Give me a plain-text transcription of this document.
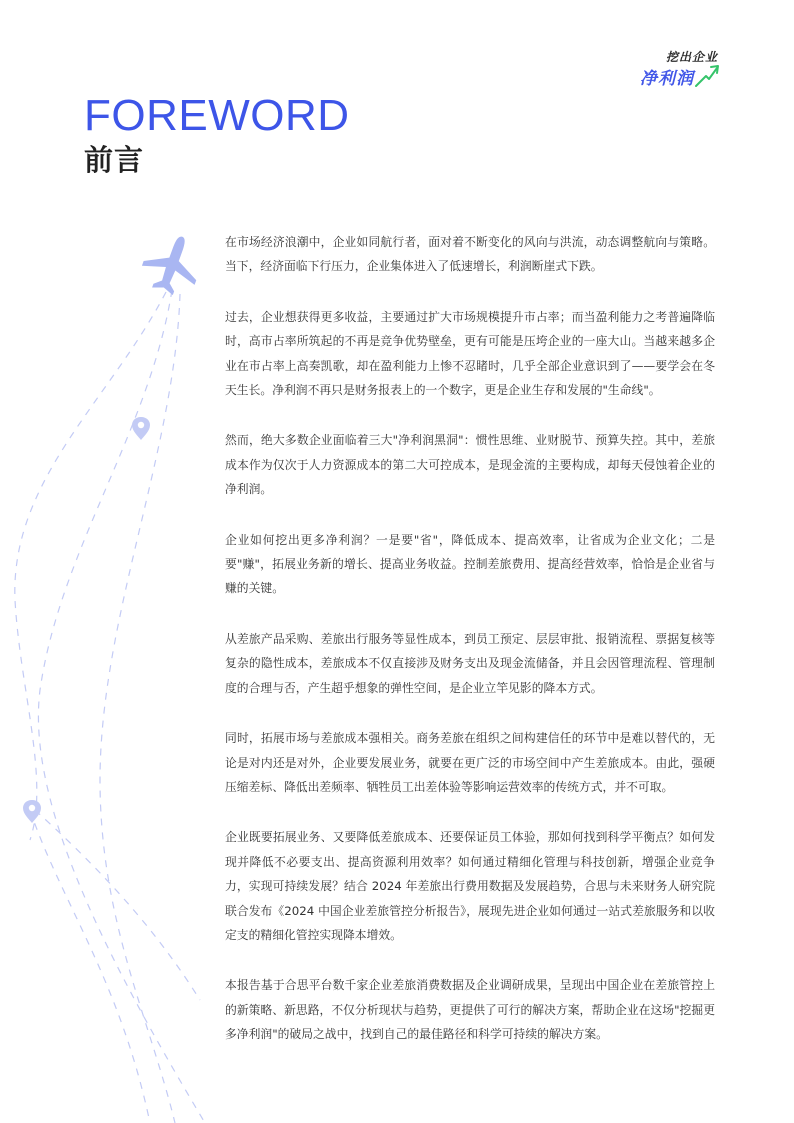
挖出企业
净利润
FOREWORD
前言

在市场经济浪潮中，企业如同航行者，面对着不断变化的风向与洪流，动态调整航向与策略。当下，经济面临下行压力，企业集体进入了低速增长，利润断崖式下跌。

过去，企业想获得更多收益，主要通过扩大市场规模提升市占率；而当盈利能力之考普遍降临时，高市占率所筑起的不再是竞争优势壁垒，更有可能是压垮企业的一座大山。当越来越多企业在市占率上高奏凯歌，却在盈利能力上惨不忍睹时，几乎全部企业意识到了——要学会在冬天生长。净利润不再只是财务报表上的一个数字，更是企业生存和发展的"生命线"。

然而，绝大多数企业面临着三大"净利润黑洞"：惯性思维、业财脱节、预算失控。其中，差旅成本作为仅次于人力资源成本的第二大可控成本，是现金流的主要构成，却每天侵蚀着企业的净利润。

企业如何挖出更多净利润？一是要"省"，降低成本、提高效率，让省成为企业文化；二是要"赚"，拓展业务新的增长、提高业务收益。控制差旅费用、提高经营效率，恰恰是企业省与赚的关键。

从差旅产品采购、差旅出行服务等显性成本，到员工预定、层层审批、报销流程、票据复核等复杂的隐性成本，差旅成本不仅直接涉及财务支出及现金流储备，并且会因管理流程、管理制度的合理与否，产生超乎想象的弹性空间，是企业立竿见影的降本方式。

同时，拓展市场与差旅成本强相关。商务差旅在组织之间构建信任的环节中是难以替代的，无论是对内还是对外，企业要发展业务，就要在更广泛的市场空间中产生差旅成本。由此，强硬压缩差标、降低出差频率、牺牲员工出差体验等影响运营效率的传统方式，并不可取。

企业既要拓展业务、又要降低差旅成本、还要保证员工体验，那如何找到科学平衡点？如何发现并降低不必要支出、提高资源利用效率？如何通过精细化管理与科技创新，增强企业竞争力，实现可持续发展？结合 2024 年差旅出行费用数据及发展趋势，合思与未来财务人研究院联合发布《2024 中国企业差旅管控分析报告》，展现先进企业如何通过一站式差旅服务和以收定支的精细化管控实现降本增效。

本报告基于合思平台数千家企业差旅消费数据及企业调研成果，呈现出中国企业在差旅管控上的新策略、新思路，不仅分析现状与趋势，更提供了可行的解决方案，帮助企业在这场"挖掘更多净利润"的破局之战中，找到自己的最佳路径和科学可持续的解决方案。
